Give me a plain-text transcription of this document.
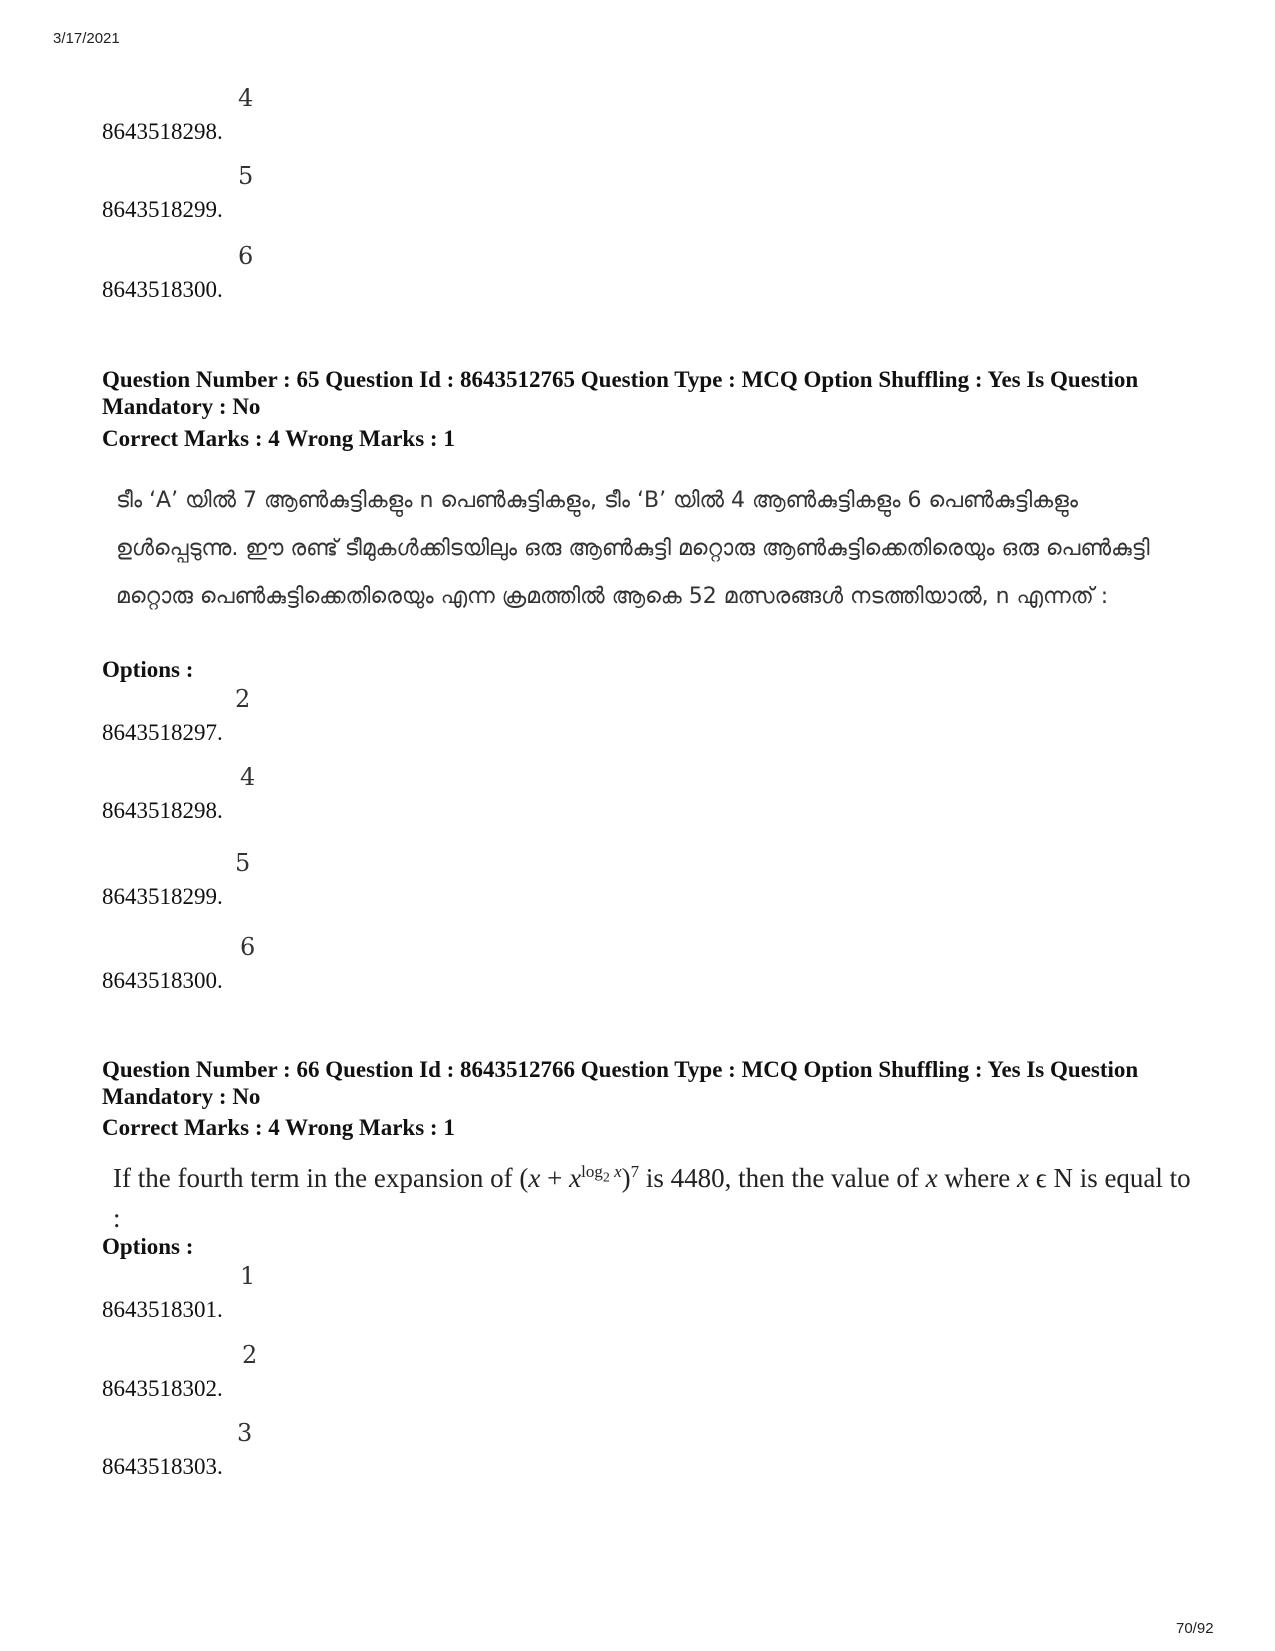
3/17/2021
8643518298.
4
8643518299.
5
8643518300.
6
Question Number : 65 Question Id : 8643512765 Question Type : MCQ Option Shuffling : Yes Is Question Mandatory : No
Correct Marks : 4 Wrong Marks : 1
ടീം ‘A’ യിൽ 7 ആൺകുട്ടികളും n പെൺകുട്ടികളും, ടീം ‘B’ യിൽ 4 ആൺകുട്ടികളും 6 പെൺകുട്ടികളും ഉൾപ്പെടുന്നു. ഈ രണ്ട് ടീമുകൾക്കിടയിലും ഒരു ആൺകുട്ടി മറ്റൊരു ആൺകുട്ടിക്കെതിരെയും ഒരു പെൺകുട്ടി മറ്റൊരു പെൺകുട്ടിക്കെതിരെയും എന്ന ക്രമത്തിൽ ആകെ 52 മത്സരങ്ങൾ നടത്തിയാൽ, n എന്നത് :
Options :
8643518297.
2
8643518298.
4
8643518299.
5
8643518300.
6
Question Number : 66 Question Id : 8643512766 Question Type : MCQ Option Shuffling : Yes Is Question Mandatory : No
Correct Marks : 4 Wrong Marks : 1
If the fourth term in the expansion of $(x + x^{log_2 x})^7$ is 4480, then the value of x where x ϵ N is equal to :
Options :
8643518301.
1
8643518302.
2
8643518303.
3
70/92
